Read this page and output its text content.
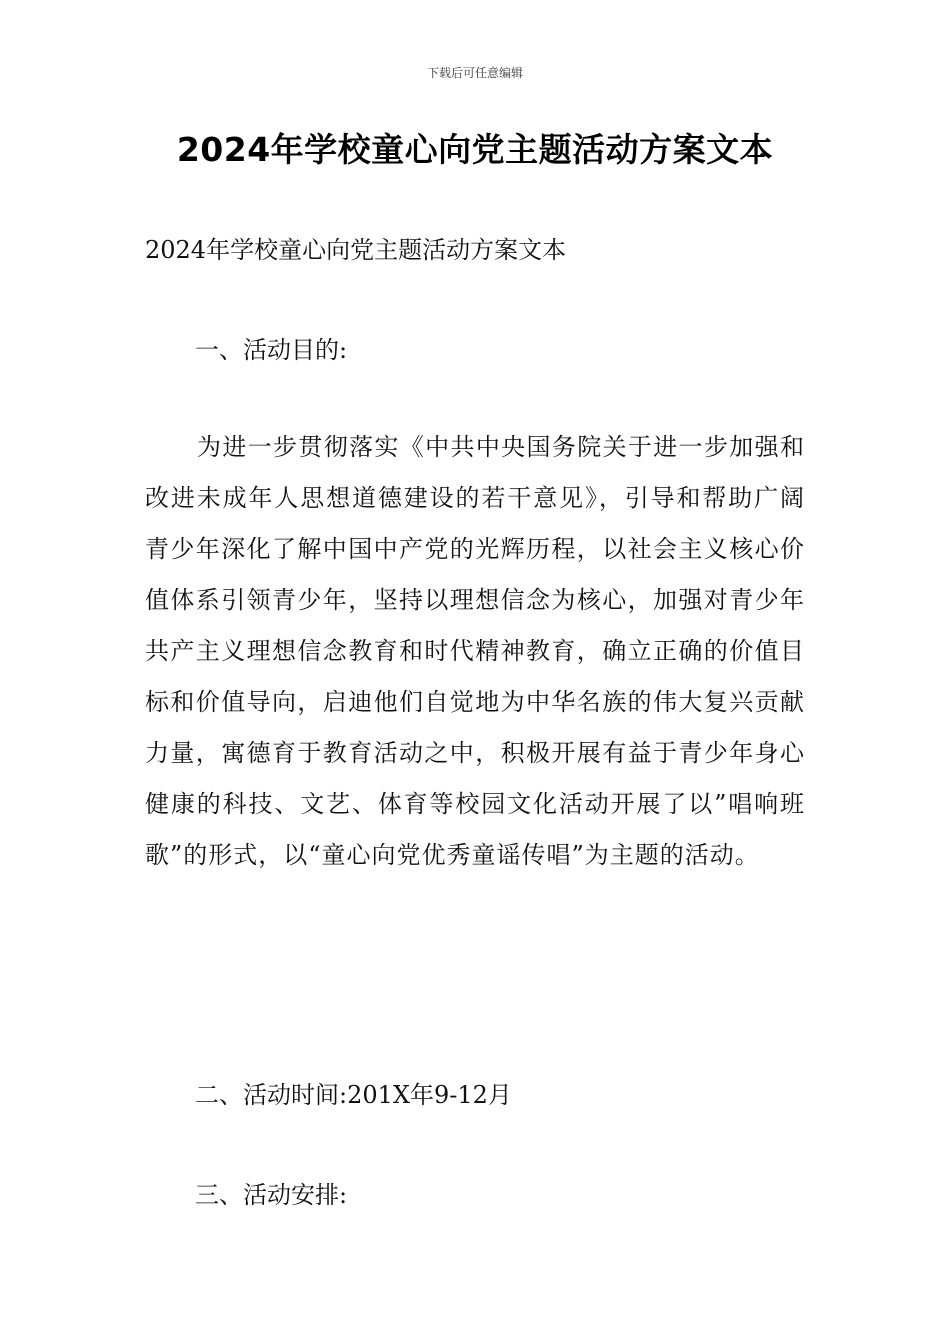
下载后可任意编辑
2024年学校童心向党主题活动方案文本

2024年学校童心向党主题活动方案文本

一、活动目的:

为进一步贯彻落实《中共中央国务院关于进一步加强和改进未成年人思想道德建设的若干意见》，引导和帮助广阔青少年深化了解中国中产党的光辉历程，以社会主义核心价值体系引领青少年，坚持以理想信念为核心，加强对青少年共产主义理想信念教育和时代精神教育，确立正确的价值目标和价值导向，启迪他们自觉地为中华名族的伟大复兴贡献力量，寓德育于教育活动之中，积极开展有益于青少年身心健康的科技、文艺、体育等校园文化活动开展了以”唱响班歌”的形式，以“童心向党优秀童谣传唱”为主题的活动。

二、活动时间:201X年9-12月

三、活动安排:
